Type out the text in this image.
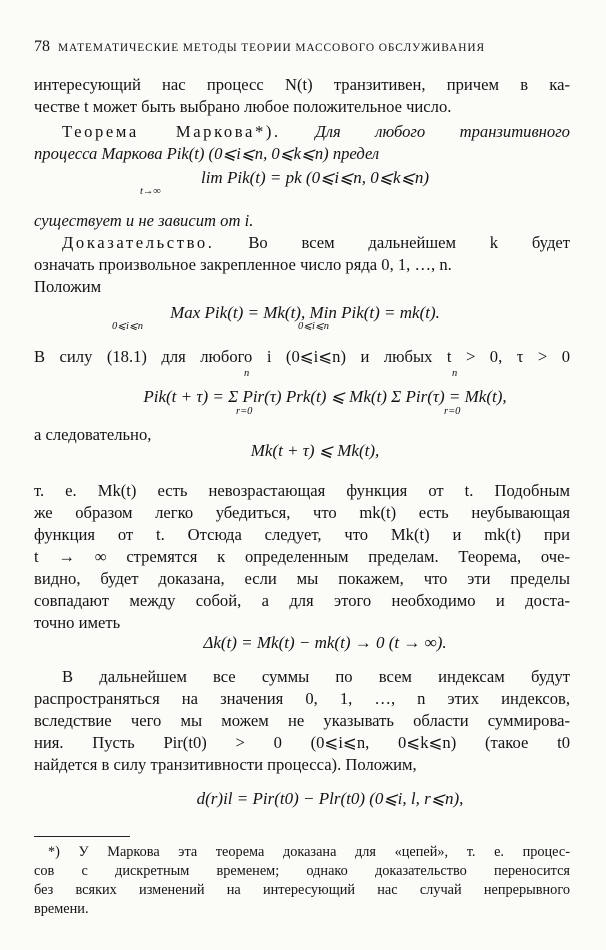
78 МАТЕМАТИЧЕСКИЕ МЕТОДЫ ТЕОРИИ МАССОВОГО ОБСЛУЖИВАНИЯ
интересующий нас процесс N(t) транзитивен, причем в ка-
честве t может быть выбрано любое положительное число.
Теорема Маркова*). Для любого транзитивного
процесса Маркова Pik(t) (0⩽i⩽n, 0⩽k⩽n) предел
lim Pik(t) = pk (0⩽i⩽n, 0⩽k⩽n)
t→∞
существует и не зависит от i.
Доказательство. Во всем дальнейшем k будет
означать произвольное закрепленное число ряда 0, 1, …, n.
Положим
Max Pik(t) = Mk(t), Min Pik(t) = mk(t).
0⩽i⩽n	0⩽i⩽n
В силу (18.1) для любого i (0⩽i⩽n) и любых t > 0, τ > 0
Pik(t + τ) = Σ Pir(τ) Prk(t) ⩽ Mk(t) Σ Pir(τ) = Mk(t),
n
r=0
n
r=0
а следовательно,
Mk(t + τ) ⩽ Mk(t),
т. е. Mk(t) есть невозрастающая функция от t. Подобным
же образом легко убедиться, что mk(t) есть неубывающая
функция от t. Отсюда следует, что Mk(t) и mk(t) при
t → ∞ стремятся к определенным пределам. Теорема, оче-
видно, будет доказана, если мы покажем, что эти пределы
совпадают между собой, а для этого необходимо и доста-
точно иметь
Δk(t) = Mk(t) − mk(t) → 0 (t → ∞).
В дальнейшем все суммы по всем индексам будут
распространяться на значения 0, 1, …, n этих индексов,
вследствие чего мы можем не указывать области суммирова-
ния. Пусть Pir(t0) > 0 (0⩽i⩽n, 0⩽k⩽n) (такое t0
найдется в силу транзитивности процесса). Положим,
d(r)il = Pir(t0) − Plr(t0) (0⩽i, l, r⩽n),
*) У Маркова эта теорема доказана для «цепей», т. е. процес-
сов с дискретным временем; однако доказательство переносится
без всяких изменений на интересующий нас случай непрерывного
времени.
